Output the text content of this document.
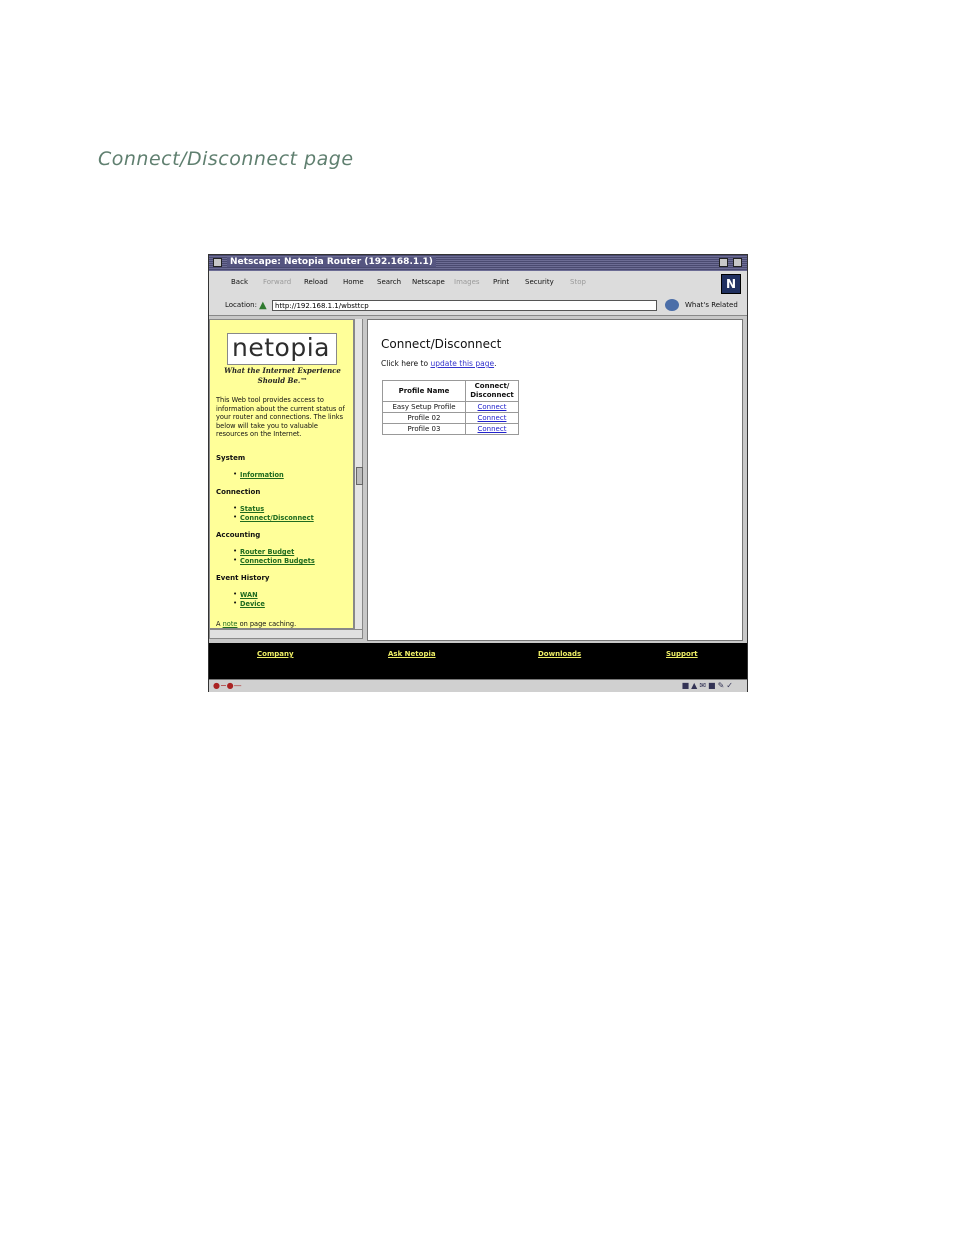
Connect/Disconnect page
Netscape: Netopia Router (192.168.1.1)
Back Forward Reload Home Search Netscape Images Print Security Stop	N
Location: ▲	http://192.168.1.1/wbsttcp	What's Related
netopia
What the Internet Experience
Should Be.™
This Web tool provides access to information about the current status of your router and connections. The links below will take you to valuable resources on the Internet.
System
• Information
Connection
• Status
• Connect/Disconnect
Accounting
• Router Budget
• Connection Budgets
Event History
• WAN
• Device
A note on page caching.
Connect/Disconnect
Click here to update this page.
Profile Name	Connect/ Disconnect
Easy Setup Profile	Connect
Profile 02	Connect
Profile 03	Connect
Company	Ask Netopia	Downloads	Support
●−●—	■▲✉■✎✓
